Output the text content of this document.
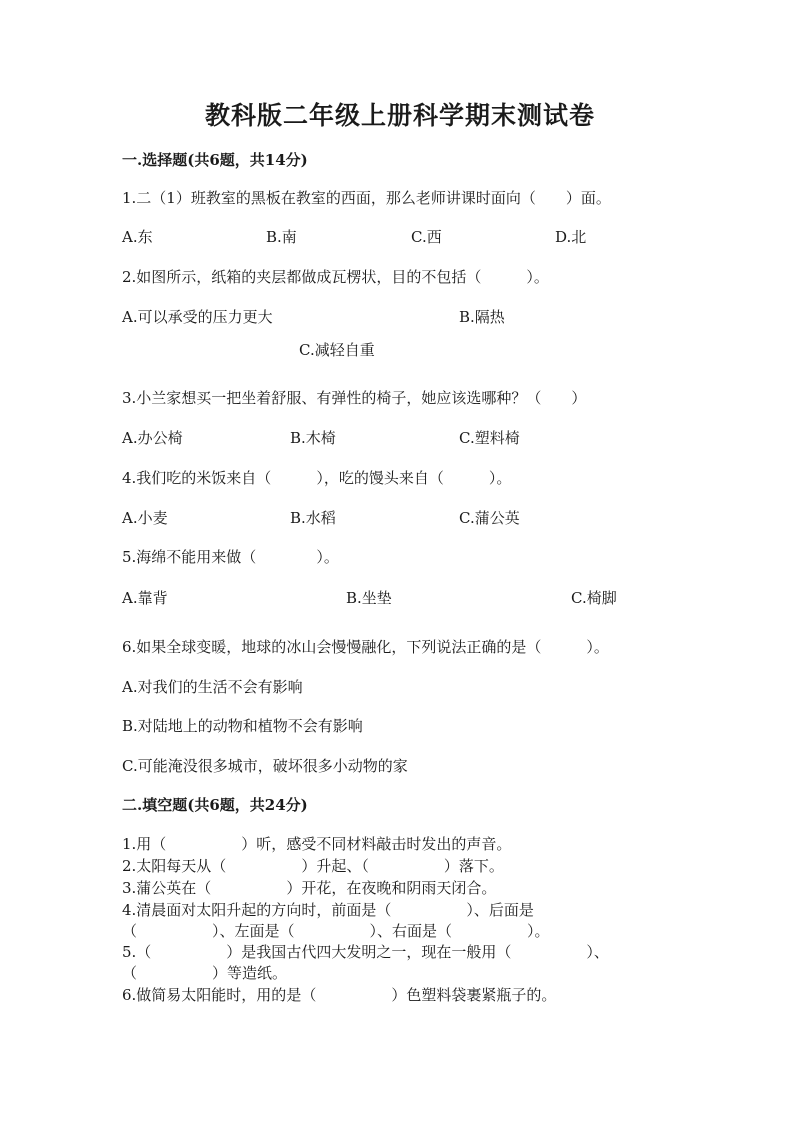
教科版二年级上册科学期末测试卷
一.选择题(共6题，共14分)
1.二（1）班教室的黑板在教室的西面，那么老师讲课时面向（　　）面。
A.东	B.南	C.西	D.北
2.如图所示，纸箱的夹层都做成瓦楞状，目的不包括（　　　）。
A.可以承受的压力更大	B.隔热
C.减轻自重
3.小兰家想买一把坐着舒服、有弹性的椅子，她应该选哪种？（　　）
A.办公椅	B.木椅	C.塑料椅
4.我们吃的米饭来自（　　　），吃的馒头来自（　　　）。
A.小麦	B.水稻	C.蒲公英
5.海绵不能用来做（　　　　）。
A.靠背	B.坐垫	C.椅脚
6.如果全球变暖，地球的冰山会慢慢融化，下列说法正确的是（　　　）。
A.对我们的生活不会有影响
B.对陆地上的动物和植物不会有影响
C.可能淹没很多城市，破坏很多小动物的家
二.填空题(共6题，共24分)
1.用（　　　　　）听，感受不同材料敲击时发出的声音。
2.太阳每天从（　　　　　）升起、（　　　　　）落下。
3.蒲公英在（　　　　　）开花，在夜晚和阴雨天闭合。
4.清晨面对太阳升起的方向时，前面是（　　　　　）、后面是
（　　　　　）、左面是（　　　　　）、右面是（　　　　　）。
5.（　　　　　）是我国古代四大发明之一，现在一般用（　　　　　）、
（　　　　　）等造纸。
6.做简易太阳能时，用的是（　　　　　）色塑料袋裹紧瓶子的。
